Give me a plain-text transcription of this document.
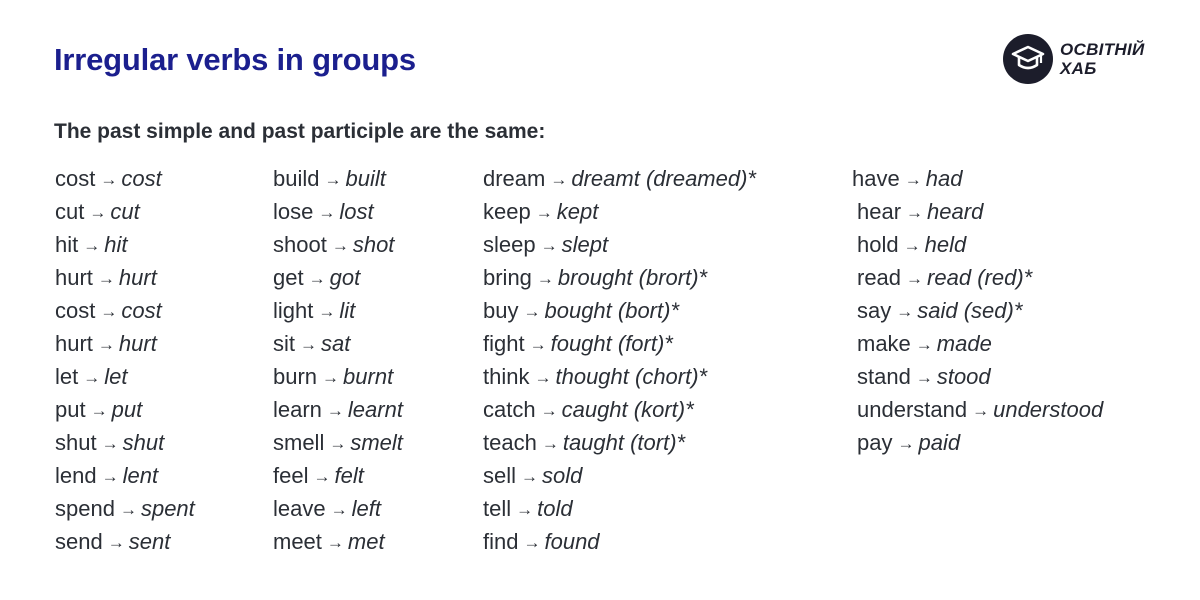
Irregular verbs in groups	ОСВІТНІЙ
ХАБ
The past simple and past participle are the same:
cost → cost
cut → cut
hit → hit
hurt → hurt
cost → cost
hurt → hurt
let → let
put → put
shut → shut
lend → lent
spend → spent
send → sent
build → built
lose → lost
shoot → shot
get → got
light → lit
sit → sat
burn → burnt
learn → learnt
smell → smelt
feel → felt
leave → left
meet → met
dream → dreamt (dreamed)*
keep → kept
sleep → slept
bring → brought (brort)*
buy → bought (bort)*
fight → fought (fort)*
think → thought (chort)*
catch → caught (kort)*
teach → taught (tort)*
sell → sold
tell → told
find → found
have → had
hear → heard
hold → held
read → read (red)*
say → said (sed)*
make → made
stand → stood
understand → understood
pay → paid
